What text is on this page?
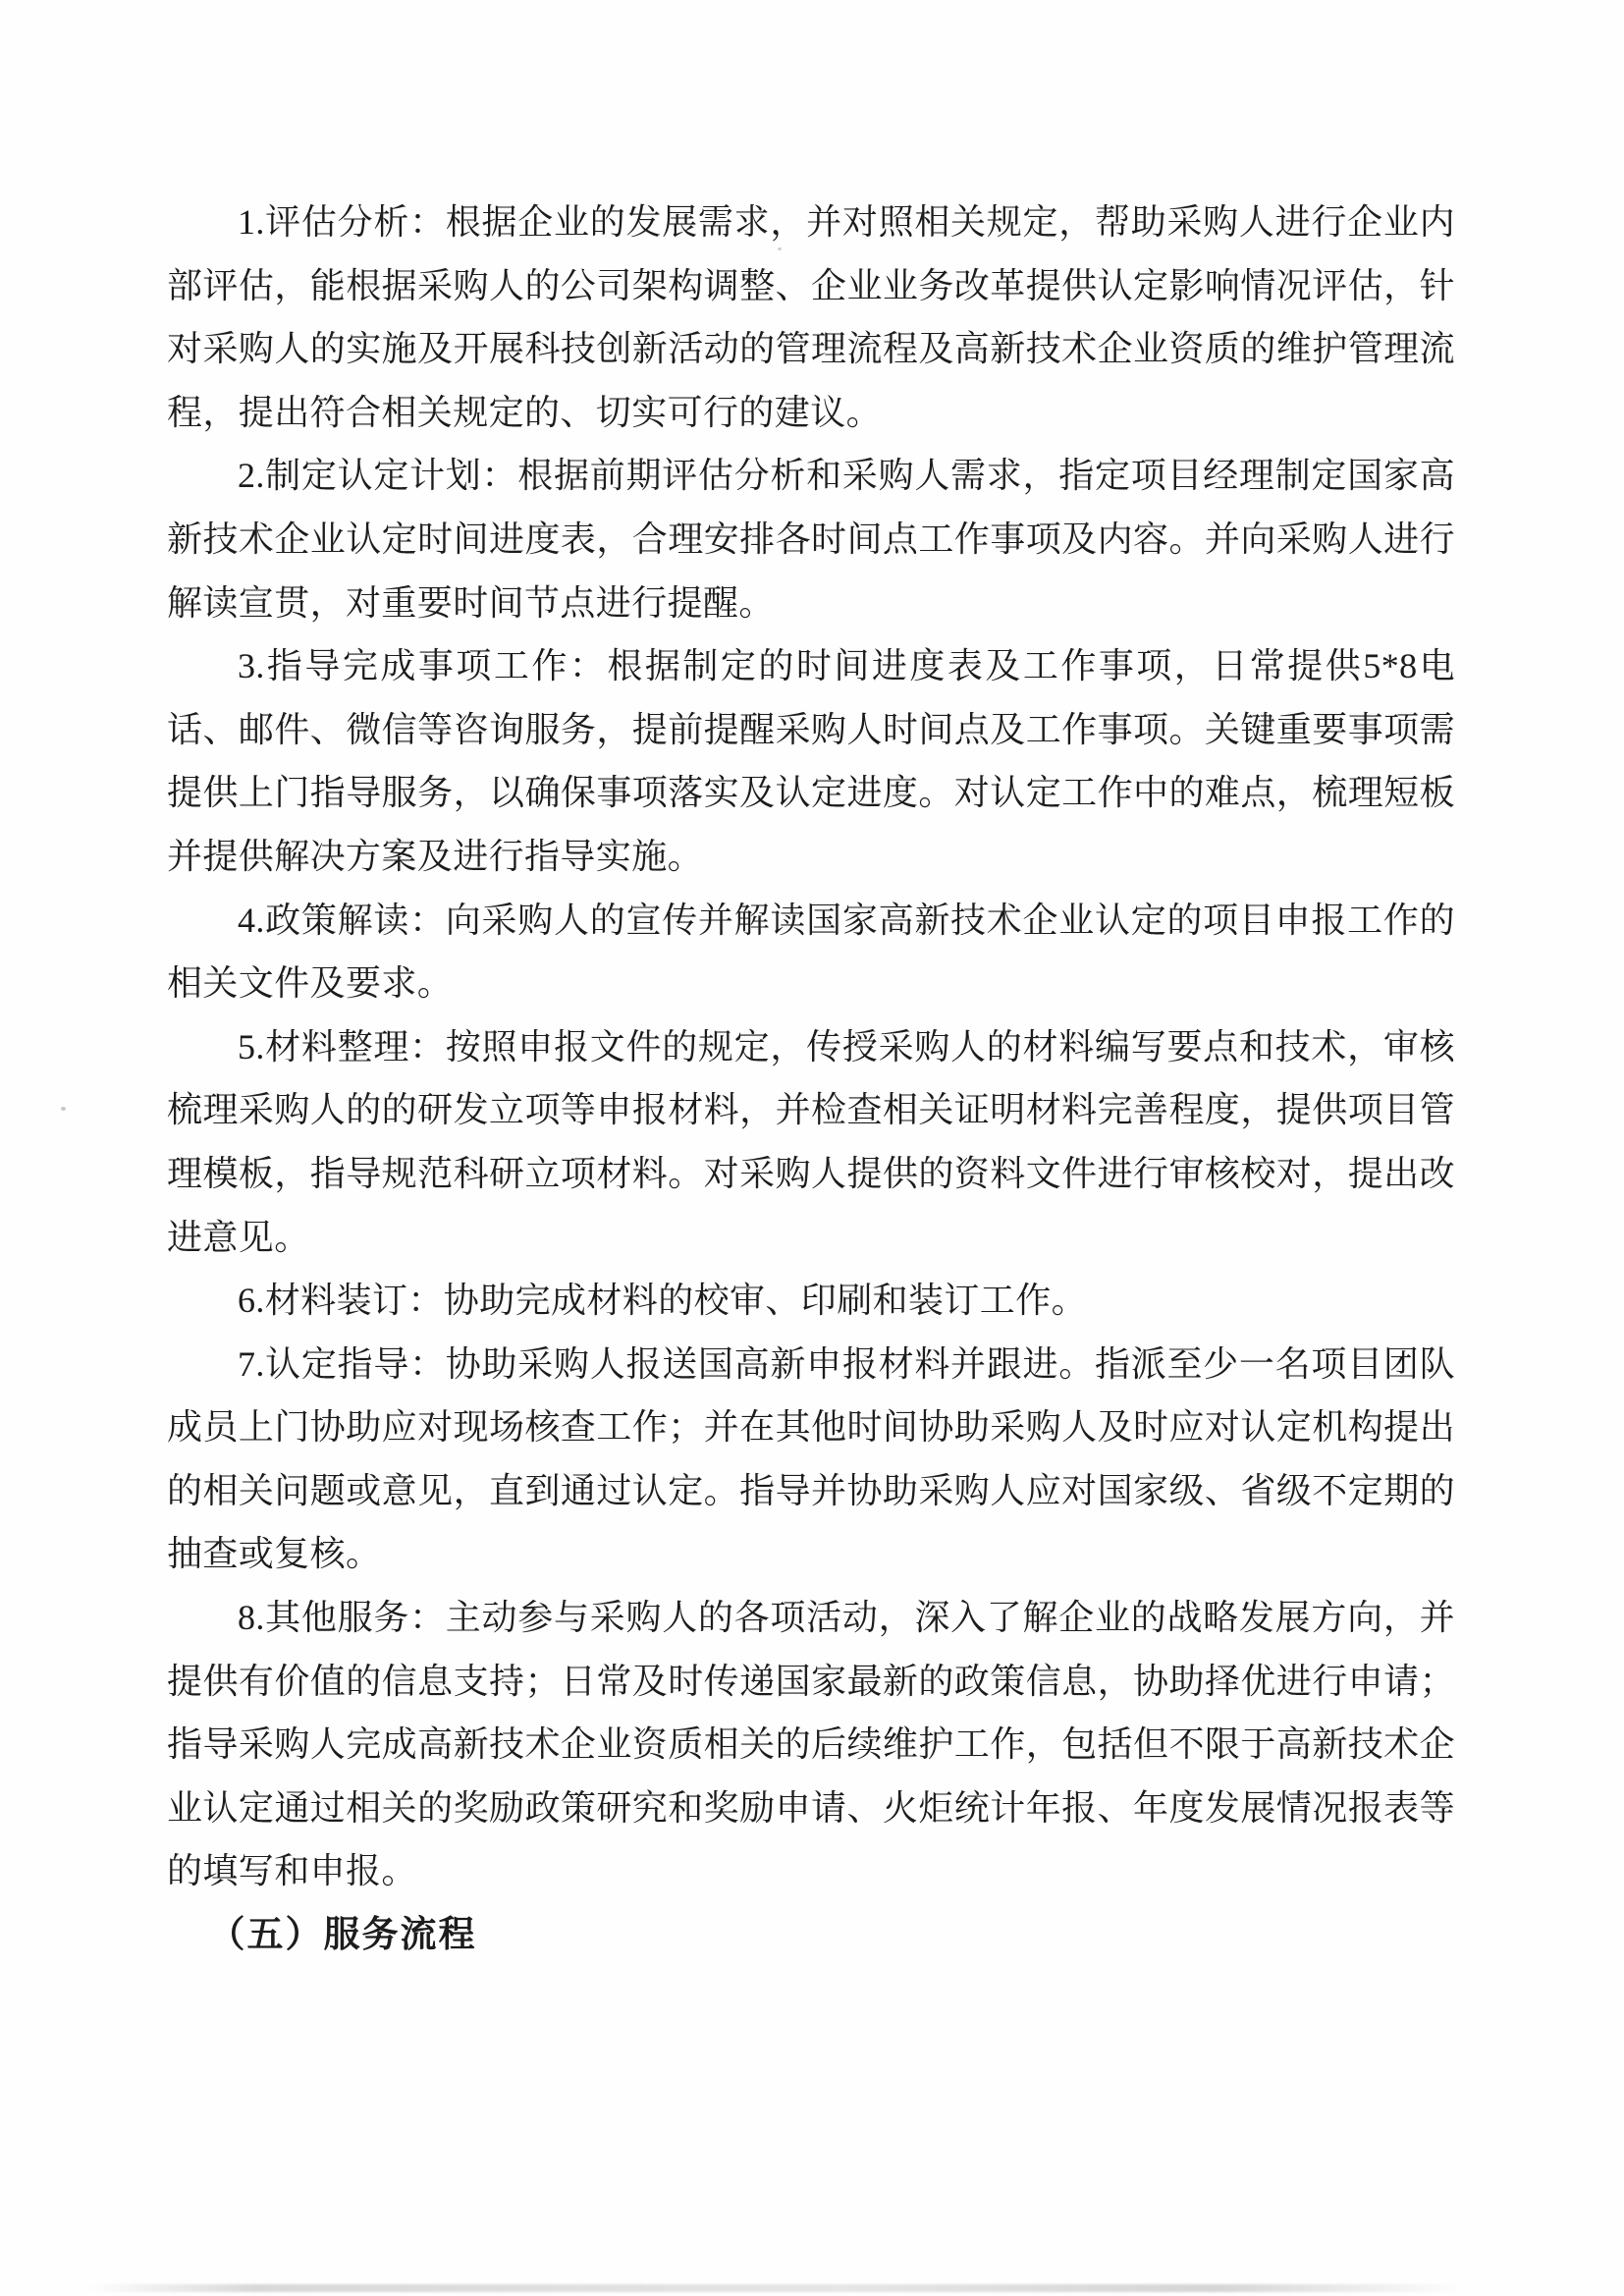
1.评估分析：根据企业的发展需求，并对照相关规定，帮助采购人进行企业内部评估，能根据采购人的公司架构调整、企业业务改革提供认定影响情况评估，针对采购人的实施及开展科技创新活动的管理流程及高新技术企业资质的维护管理流程，提出符合相关规定的、切实可行的建议。

2.制定认定计划：根据前期评估分析和采购人需求，指定项目经理制定国家高新技术企业认定时间进度表，合理安排各时间点工作事项及内容。并向采购人进行解读宣贯，对重要时间节点进行提醒。

3.指导完成事项工作：根据制定的时间进度表及工作事项，日常提供5*8电话、邮件、微信等咨询服务，提前提醒采购人时间点及工作事项。关键重要事项需提供上门指导服务，以确保事项落实及认定进度。对认定工作中的难点，梳理短板并提供解决方案及进行指导实施。

4.政策解读：向采购人的宣传并解读国家高新技术企业认定的项目申报工作的相关文件及要求。

5.材料整理：按照申报文件的规定，传授采购人的材料编写要点和技术，审核梳理采购人的的研发立项等申报材料，并检查相关证明材料完善程度，提供项目管理模板，指导规范科研立项材料。对采购人提供的资料文件进行审核校对，提出改进意见。

6.材料装订：协助完成材料的校审、印刷和装订工作。

7.认定指导：协助采购人报送国高新申报材料并跟进。指派至少一名项目团队成员上门协助应对现场核查工作；并在其他时间协助采购人及时应对认定机构提出的相关问题或意见，直到通过认定。指导并协助采购人应对国家级、省级不定期的抽查或复核。

8.其他服务：主动参与采购人的各项活动，深入了解企业的战略发展方向，并提供有价值的信息支持；日常及时传递国家最新的政策信息，协助择优进行申请；指导采购人完成高新技术企业资质相关的后续维护工作，包括但不限于高新技术企业认定通过相关的奖励政策研究和奖励申请、火炬统计年报、年度发展情况报表等的填写和申报。

（五）服务流程
